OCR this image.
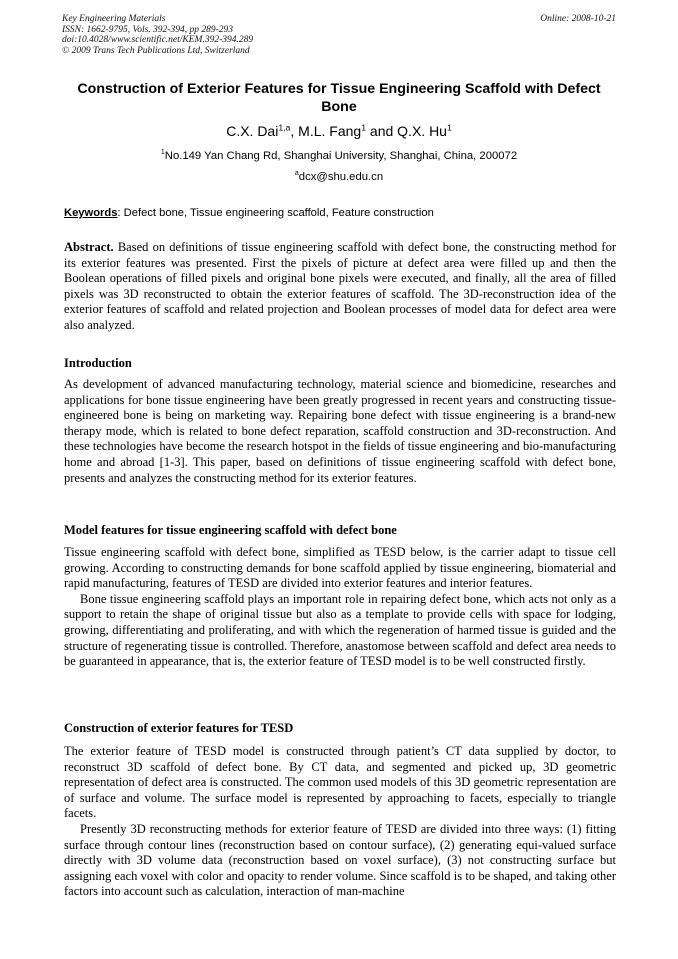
Key Engineering Materials
ISSN: 1662-9795, Vols. 392-394, pp 289-293
doi:10.4028/www.scientific.net/KEM.392-394.289
© 2009 Trans Tech Publications Ltd, Switzerland
Online: 2008-10-21
Construction of Exterior Features for Tissue Engineering Scaffold with Defect Bone
C.X. Dai$^{1,a}$, M.L. Fang$^1$ and Q.X. Hu$^1$
$^1$No.149 Yan Chang Rd, Shanghai University, Shanghai, China, 200072
$^a$dcx@shu.edu.cn
Keywords: Defect bone, Tissue engineering scaffold, Feature construction
Abstract. Based on definitions of tissue engineering scaffold with defect bone, the constructing method for its exterior features was presented. First the pixels of picture at defect area were filled up and then the Boolean operations of filled pixels and original bone pixels were executed, and finally, all the area of filled pixels was 3D reconstructed to obtain the exterior features of scaffold. The 3D-reconstruction idea of the exterior features of scaffold and related projection and Boolean processes of model data for defect area were also analyzed.
Introduction

As development of advanced manufacturing technology, material science and biomedicine, researches and applications for bone tissue engineering have been greatly progressed in recent years and constructing tissue-engineered bone is being on marketing way. Repairing bone defect with tissue engineering is a brand-new therapy mode, which is related to bone defect reparation, scaffold construction and 3D-reconstruction. And these technologies have become the research hotspot in the fields of tissue engineering and bio-manufacturing home and abroad [1-3]. This paper, based on definitions of tissue engineering scaffold with defect bone, presents and analyzes the constructing method for its exterior features.

Model features for tissue engineering scaffold with defect bone

Tissue engineering scaffold with defect bone, simplified as TESD below, is the carrier adapt to tissue cell growing. According to constructing demands for bone scaffold applied by tissue engineering, biomaterial and rapid manufacturing, features of TESD are divided into exterior features and interior features.

Bone tissue engineering scaffold plays an important role in repairing defect bone, which acts not only as a support to retain the shape of original tissue but also as a template to provide cells with space for lodging, growing, differentiating and proliferating, and with which the regeneration of harmed tissue is guided and the structure of regenerating tissue is controlled. Therefore, anastomose between scaffold and defect area needs to be guaranteed in appearance, that is, the exterior feature of TESD model is to be well constructed firstly.

Construction of exterior features for TESD

The exterior feature of TESD model is constructed through patient’s CT data supplied by doctor, to reconstruct 3D scaffold of defect bone. By CT data, and segmented and picked up, 3D geometric representation of defect area is constructed. The common used models of this 3D geometric representation are of surface and volume. The surface model is represented by approaching to facets, especially to triangle facets.

Presently 3D reconstructing methods for exterior feature of TESD are divided into three ways: (1) fitting surface through contour lines (reconstruction based on contour surface), (2) generating equi-valued surface directly with 3D volume data (reconstruction based on voxel surface), (3) not constructing surface but assigning each voxel with color and opacity to render volume. Since scaffold is to be shaped, and taking other factors into account such as calculation, interaction of man-machine
